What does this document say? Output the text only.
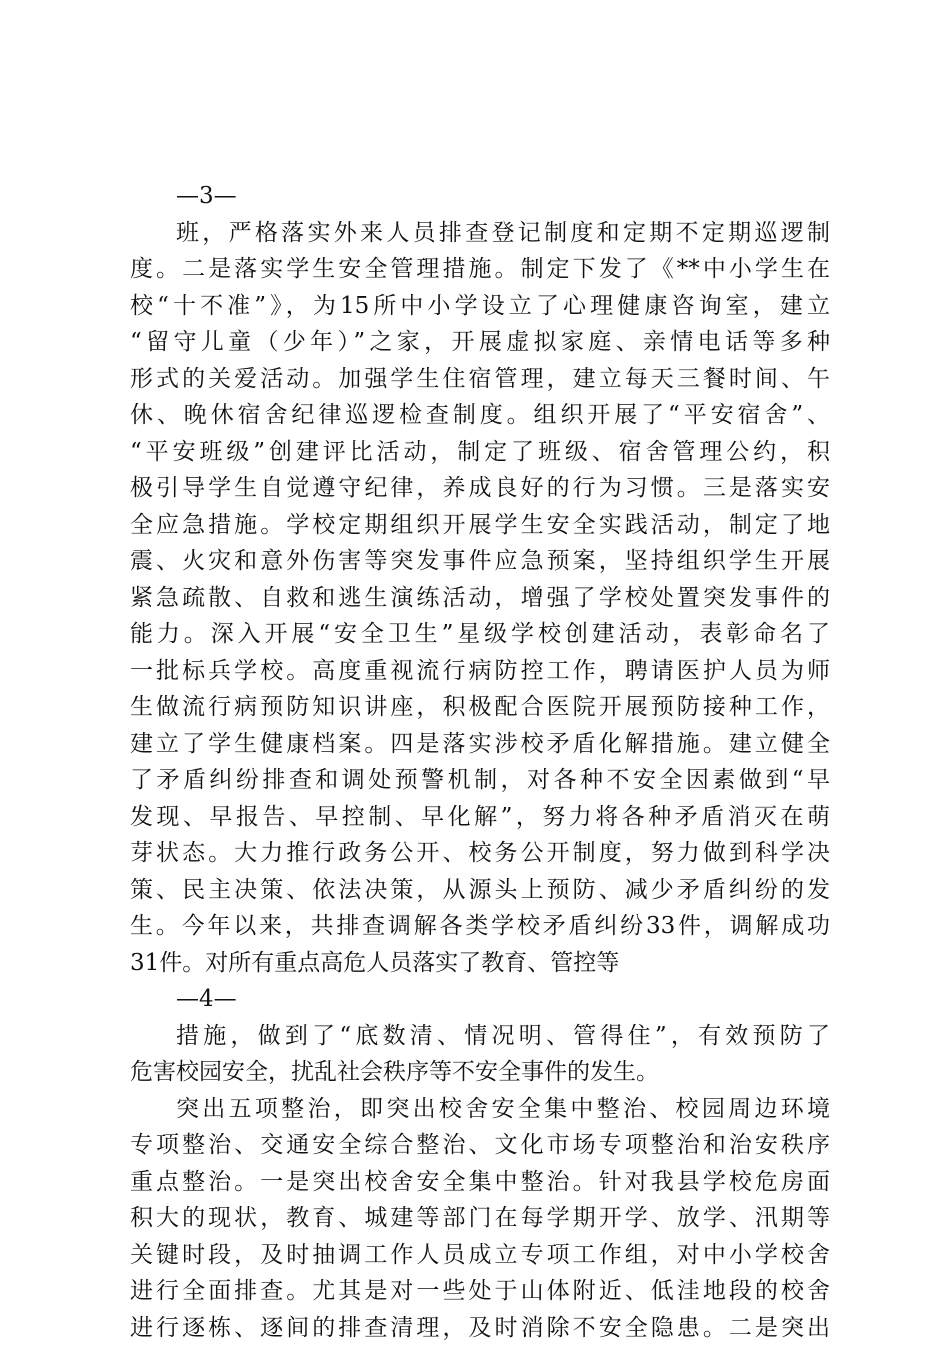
—3—
班，严格落实外来人员排查登记制度和定期不定期巡逻制
度。二是落实学生安全管理措施。制定下发了《**中小学生在
校“十不准”》，为15所中小学设立了心理健康咨询室，建立
“留守儿童（少年）”之家，开展虚拟家庭、亲情电话等多种
形式的关爱活动。加强学生住宿管理，建立每天三餐时间、午
休、晚休宿舍纪律巡逻检查制度。组织开展了“平安宿舍”、
“平安班级”创建评比活动，制定了班级、宿舍管理公约，积
极引导学生自觉遵守纪律，养成良好的行为习惯。三是落实安
全应急措施。学校定期组织开展学生安全实践活动，制定了地
震、火灾和意外伤害等突发事件应急预案，坚持组织学生开展
紧急疏散、自救和逃生演练活动，增强了学校处置突发事件的
能力。深入开展“安全卫生”星级学校创建活动，表彰命名了
一批标兵学校。高度重视流行病防控工作，聘请医护人员为师
生做流行病预防知识讲座，积极配合医院开展预防接种工作，
建立了学生健康档案。四是落实涉校矛盾化解措施。建立健全
了矛盾纠纷排查和调处预警机制，对各种不安全因素做到“早
发现、早报告、早控制、早化解”，努力将各种矛盾消灭在萌
芽状态。大力推行政务公开、校务公开制度，努力做到科学决
策、民主决策、依法决策，从源头上预防、减少矛盾纠纷的发
生。今年以来，共排查调解各类学校矛盾纠纷33件，调解成功
31件。对所有重点高危人员落实了教育、管控等
—4—
措施，做到了“底数清、情况明、管得住”，有效预防了
危害校园安全，扰乱社会秩序等不安全事件的发生。
突出五项整治，即突出校舍安全集中整治、校园周边环境
专项整治、交通安全综合整治、文化市场专项整治和治安秩序
重点整治。一是突出校舍安全集中整治。针对我县学校危房面
积大的现状，教育、城建等部门在每学期开学、放学、汛期等
关键时段，及时抽调工作人员成立专项工作组，对中小学校舍
进行全面排查。尤其是对一些处于山体附近、低洼地段的校舍
进行逐栋、逐间的排查清理，及时消除不安全隐患。二是突出
